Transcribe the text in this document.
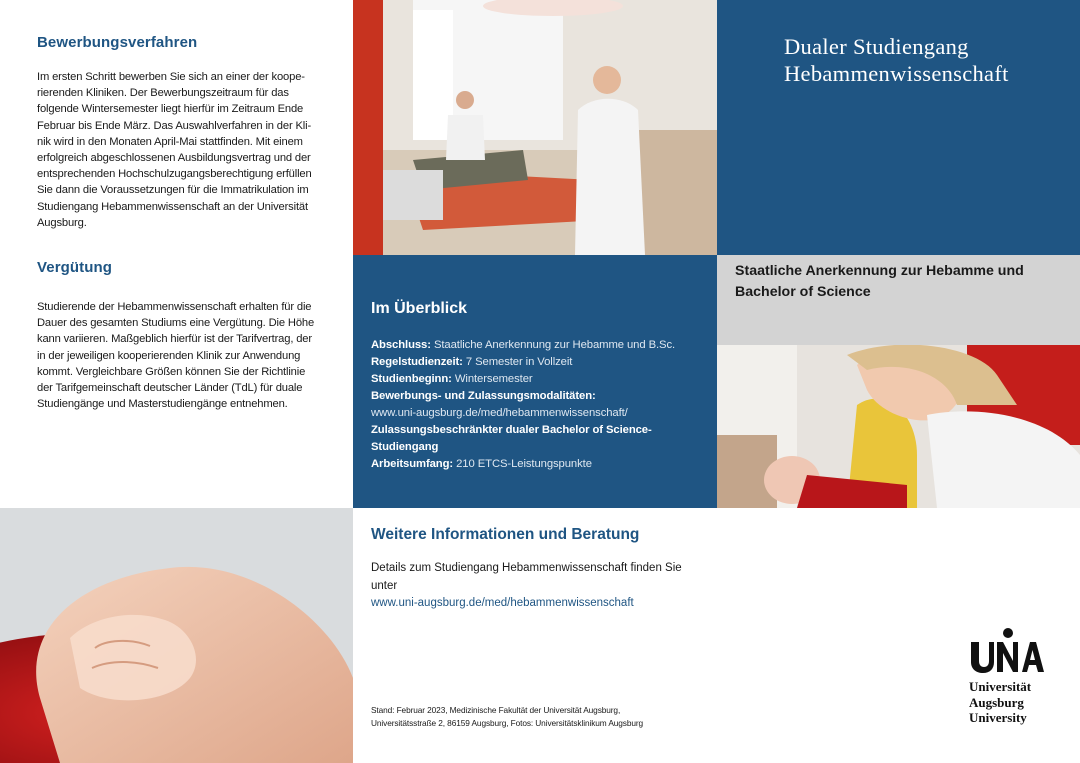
Bewerbungsverfahren
Im ersten Schritt bewerben Sie sich an einer der koope-
rierenden Kliniken. Der Bewerbungszeitraum für das
folgende Wintersemester liegt hierfür im Zeitraum Ende
Februar bis Ende März. Das Auswahlverfahren in der Kli-
nik wird in den Monaten April-Mai stattfinden. Mit einem
erfolgreich abgeschlossenen Ausbildungsvertrag und der
entsprechenden Hochschulzugangsberechtigung erfüllen
Sie dann die Voraussetzungen für die Immatrikulation im
Studiengang Hebammenwissenschaft an der Universität
Augsburg.
Vergütung
Studierende der Hebammenwissenschaft erhalten für die
Dauer des gesamten Studiums eine Vergütung. Die Höhe
kann variieren. Maßgeblich hierfür ist der Tarifvertrag, der
in der jeweiligen kooperierenden Klinik zur Anwendung
kommt. Vergleichbare Größen können Sie der Richtlinie
der Tarifgemeinschaft deutscher Länder (TdL) für duale
Studiengänge und Masterstudiengänge entnehmen.
Dualer Studiengang
Hebammenwissenschaft
Im Überblick
Abschluss: Staatliche Anerkennung zur Hebamme und B.Sc.
Regelstudienzeit: 7 Semester in Vollzeit
Studienbeginn: Wintersemester
Bewerbungs- und Zulassungsmodalitäten:
www.uni-augsburg.de/med/hebammenwissenschaft/
Zulassungsbeschränkter dualer Bachelor of Science-
Studiengang
Arbeitsumfang: 210 ETCS-Leistungspunkte
Staatliche Anerkennung zur Hebamme und
Bachelor of Science
Weitere Informationen und Beratung
Details zum Studiengang Hebammenwissenschaft finden Sie
unter
www.uni-augsburg.de/med/hebammenwissenschaft
Stand: Februar 2023, Medizinische Fakultät der Universität Augsburg,
Universitätsstraße 2, 86159 Augsburg, Fotos: Universitätsklinikum Augsburg
Universität
Augsburg
University
